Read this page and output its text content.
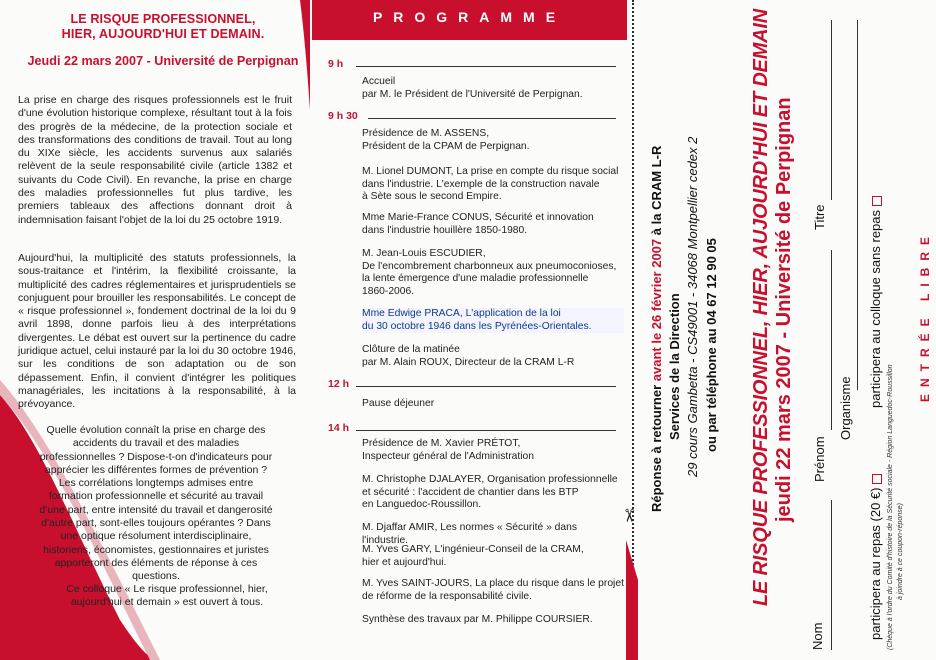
LE RISQUE PROFESSIONNEL,
HIER, AUJOURD'HUI ET DEMAIN.
Jeudi 22 mars 2007 - Université de Perpignan
La prise en charge des risques professionnels est le fruit d'une évolution historique complexe, résultant tout à la fois des progrès de la médecine, de la protection sociale et des transformations des conditions de travail. Tout au long du XIXe siècle, les accidents survenus aux salariés relèvent de la seule responsabilité civile (article 1382 et suivants du Code Civil). En revanche, la prise en charge des maladies professionnelles fut plus tardive, les premiers tableaux des affections donnant droit à indemnisation faisant l'objet de la loi du 25 octobre 1919.
Aujourd'hui, la multiplicité des statuts professionnels, la sous-traitance et l'intérim, la flexibilité croissante, la multiplicité des cadres réglementaires et jurisprudentiels se conjuguent pour brouiller les responsabilités. Le concept de « risque professionnel », fondement doctrinal de la loi du 9 avril 1898, donne parfois lieu à des interprétations divergentes. Le débat est ouvert sur la pertinence du cadre juridique actuel, celui instauré par la loi du 30 octobre 1946, sur les conditions de son adaptation ou de son dépassement. Enfin, il convient d'intégrer les politiques managériales, les incitations à la responsabilité, à la prévoyance.
Quelle évolution connaît la prise en charge des accidents du travail et des maladies professionnelles ? Dispose-t-on d'indicateurs pour apprécier les différentes formes de prévention ? Les corrélations longtemps admises entre formation professionnelle et sécurité au travail d'une part, entre intensité du travail et dangerosité d'autre part, sont-elles toujours opérantes ? Dans une optique résolument interdisciplinaire, historiens, économistes, gestionnaires et juristes apporteront des éléments de réponse à ces questions.
Ce colloque « Le risque professionnel, hier, aujourd'hui et demain » est ouvert à tous.
PROGRAMME
9 h
Accueil
par M. le Président de l'Université de Perpignan.
9 h 30
Présidence de M. ASSENS,
Président de la CPAM de Perpignan.
M. Lionel DUMONT, La prise en compte du risque social
dans l'industrie. L'exemple de la construction navale
à Sète sous le second Empire.
Mme Marie-France CONUS, Sécurité et innovation
dans l'industrie houillère 1850-1980.
M. Jean-Louis ESCUDIER,
De l'encombrement charbonneux aux pneumoconioses,
la lente émergence d'une maladie professionnelle
1860-2006.
Mme Edwige PRACA, L'application de la loi
du 30 octobre 1946 dans les Pyrénées-Orientales.
Clôture de la matinée
par M. Alain ROUX, Directeur de la CRAM L-R
12 h
Pause déjeuner
14 h
Présidence de M. Xavier PRÉTOT,
Inspecteur général de l'Administration
M. Christophe DJALAYER, Organisation professionnelle
et sécurité : l'accident de chantier dans les BTP
en Languedoc-Roussillon.
M. Djaffar AMIR, Les normes « Sécurité » dans l'industrie.
M. Yves GARY, L'ingénieur-Conseil de la CRAM,
hier et aujourd'hui.
M. Yves SAINT-JOURS, La place du risque dans le projet
de réforme de la responsabilité civile.
Synthèse des travaux par M. Philippe COURSIER.
✂
Réponse à retourner avant le 26 février 2007 à la CRAM L-R
Services de la Direction 29 cours Gambetta - CS49001 - 34068 Montpellier cedex 2 ou par téléphone au 04 67 12 90 05 LE RISQUE PROFESSIONNEL, HIER, AUJOURD'HUI ET DEMAIN jeudi 22 mars 2007 - Université de Perpignan
Nom
Prénom
Titre
Organisme
participera au repas (20 €)
participera au colloque sans repas
(Chèque à l'ordre du Comité d'histoire de la Sécurité sociale - Région Languedoc-Roussillon à joindre à ce coupon-réponse)
ENTRÉE LIBRE
